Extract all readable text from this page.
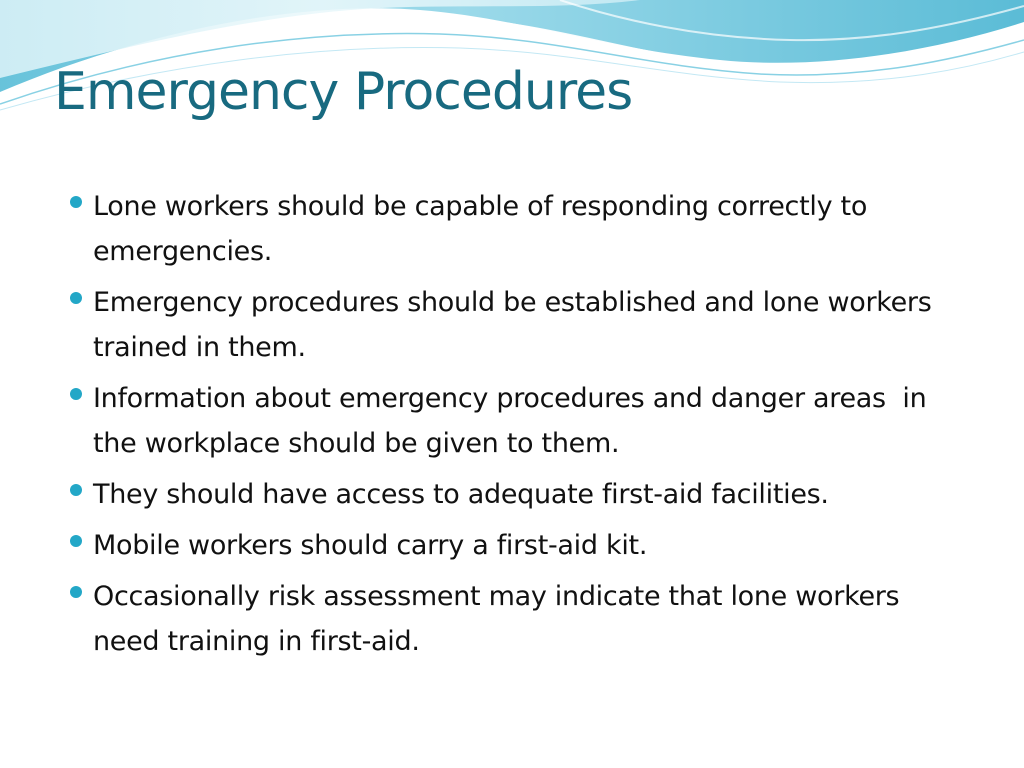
Emergency Procedures
Lone workers should be capable of responding correctly to emergencies.
Emergency procedures should be established and lone workers trained in them.
Information about emergency procedures and danger areas  in the workplace should be given to them.
They should have access to adequate first-aid facilities.
Mobile workers should carry a first-aid kit.
Occasionally risk assessment may indicate that lone workers need training in first-aid.
